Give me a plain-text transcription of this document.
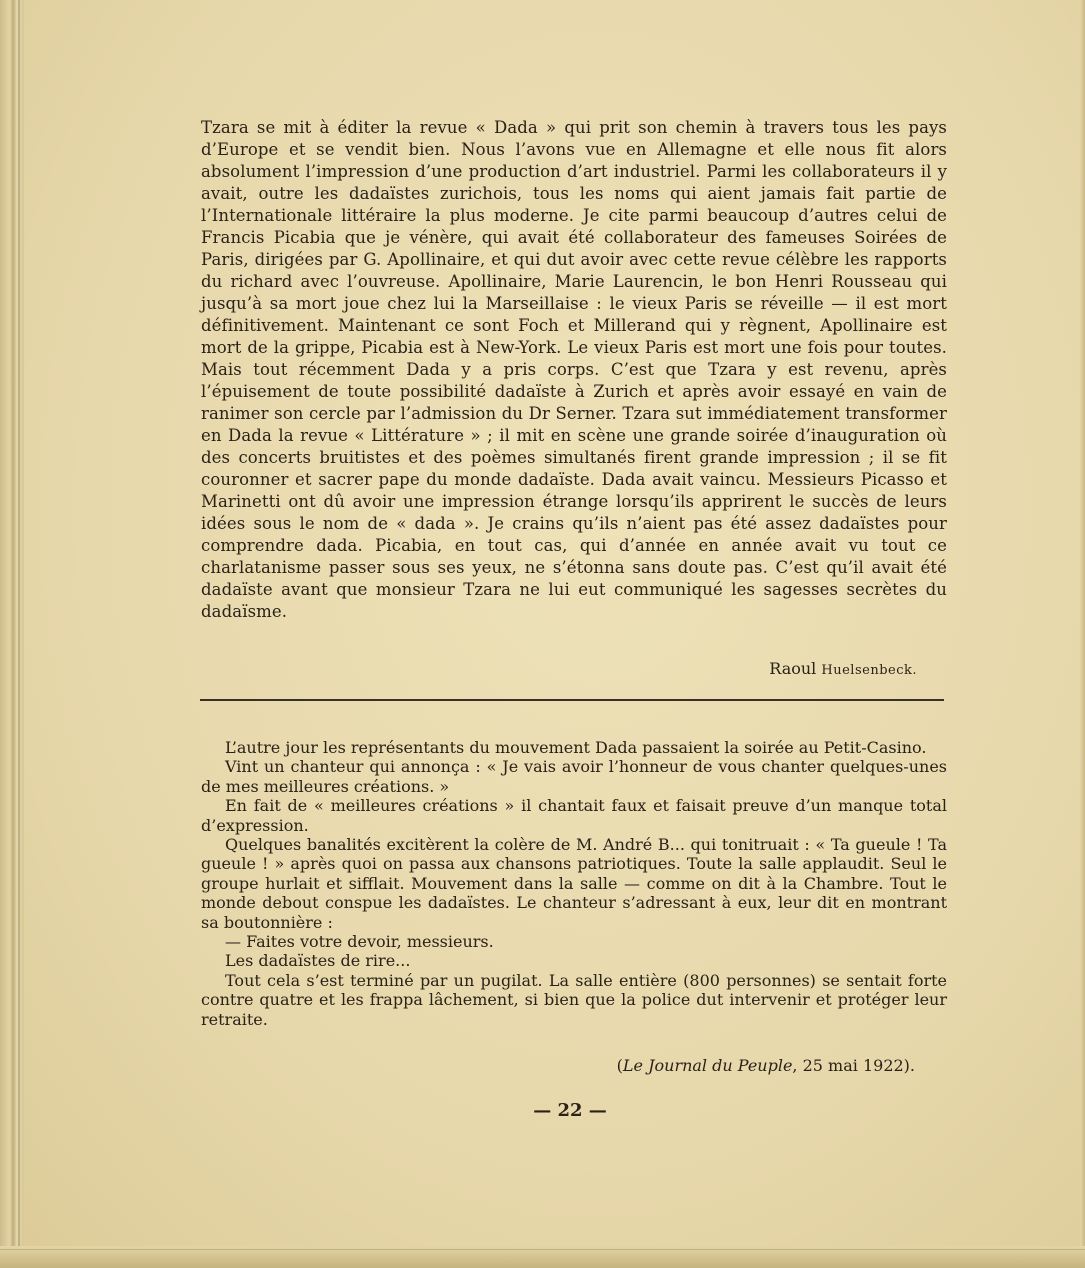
Tzara se mit à éditer la revue « Dada » qui prit son chemin à travers tous les pays d’Europe et se vendit bien. Nous l’avons vue en Allemagne et elle nous fit alors absolument l’impression d’une production d’art industriel. Parmi les collaborateurs il y avait, outre les dadaïstes zurichois, tous les noms qui aient jamais fait partie de l’Internationale littéraire la plus moderne. Je cite parmi beaucoup d’autres celui de Francis Picabia que je vénère, qui avait été collaborateur des fameuses Soirées de Paris, dirigées par G. Apollinaire, et qui dut avoir avec cette revue célèbre les rapports du richard avec l’ouvreuse. Apollinaire, Marie Laurencin, le bon Henri Rousseau qui jusqu’à sa mort joue chez lui la Marseillaise : le vieux Paris se réveille — il est mort définitivement. Maintenant ce sont Foch et Millerand qui y règnent, Apollinaire est mort de la grippe, Picabia est à New-York. Le vieux Paris est mort une fois pour toutes. Mais tout récemment Dada y a pris corps. C’est que Tzara y est revenu, après l’épuisement de toute possibilité dadaïste à Zurich et après avoir essayé en vain de ranimer son cercle par l’admission du Dr Serner. Tzara sut immédiatement transformer en Dada la revue « Littérature » ; il mit en scène une grande soirée d’inauguration où des concerts bruitistes et des poèmes simultanés firent grande impression ; il se fit couronner et sacrer pape du monde dadaïste. Dada avait vaincu. Messieurs Picasso et Marinetti ont dû avoir une impression étrange lorsqu’ils apprirent le succès de leurs idées sous le nom de « dada ». Je crains qu’ils n’aient pas été assez dadaïstes pour comprendre dada. Picabia, en tout cas, qui d’année en année avait vu tout ce charlatanisme passer sous ses yeux, ne s’étonna sans doute pas. C’est qu’il avait été dadaïste avant que monsieur Tzara ne lui eut communiqué les sagesses secrètes du dadaïsme.

Raoul Huelsenbeck.

L’autre jour les représentants du mouvement Dada passaient la soirée au Petit-Casino.

Vint un chanteur qui annonça : « Je vais avoir l’honneur de vous chanter quelques-unes de mes meilleures créations. »

En fait de « meilleures créations » il chantait faux et faisait preuve d’un manque total d’expression.

Quelques banalités excitèrent la colère de M. André B... qui tonitruait : « Ta gueule ! Ta gueule ! » après quoi on passa aux chansons patriotiques. Toute la salle applaudit. Seul le groupe hurlait et sifflait. Mouvement dans la salle — comme on dit à la Chambre. Tout le monde debout conspue les dadaïstes. Le chanteur s’adressant à eux, leur dit en montrant sa boutonnière :

— Faites votre devoir, messieurs.

Les dadaïstes de rire...

Tout cela s’est terminé par un pugilat. La salle entière (800 personnes) se sentait forte contre quatre et les frappa lâchement, si bien que la police dut intervenir et protéger leur retraite.

(Le Journal du Peuple, 25 mai 1922).
— 22 —
